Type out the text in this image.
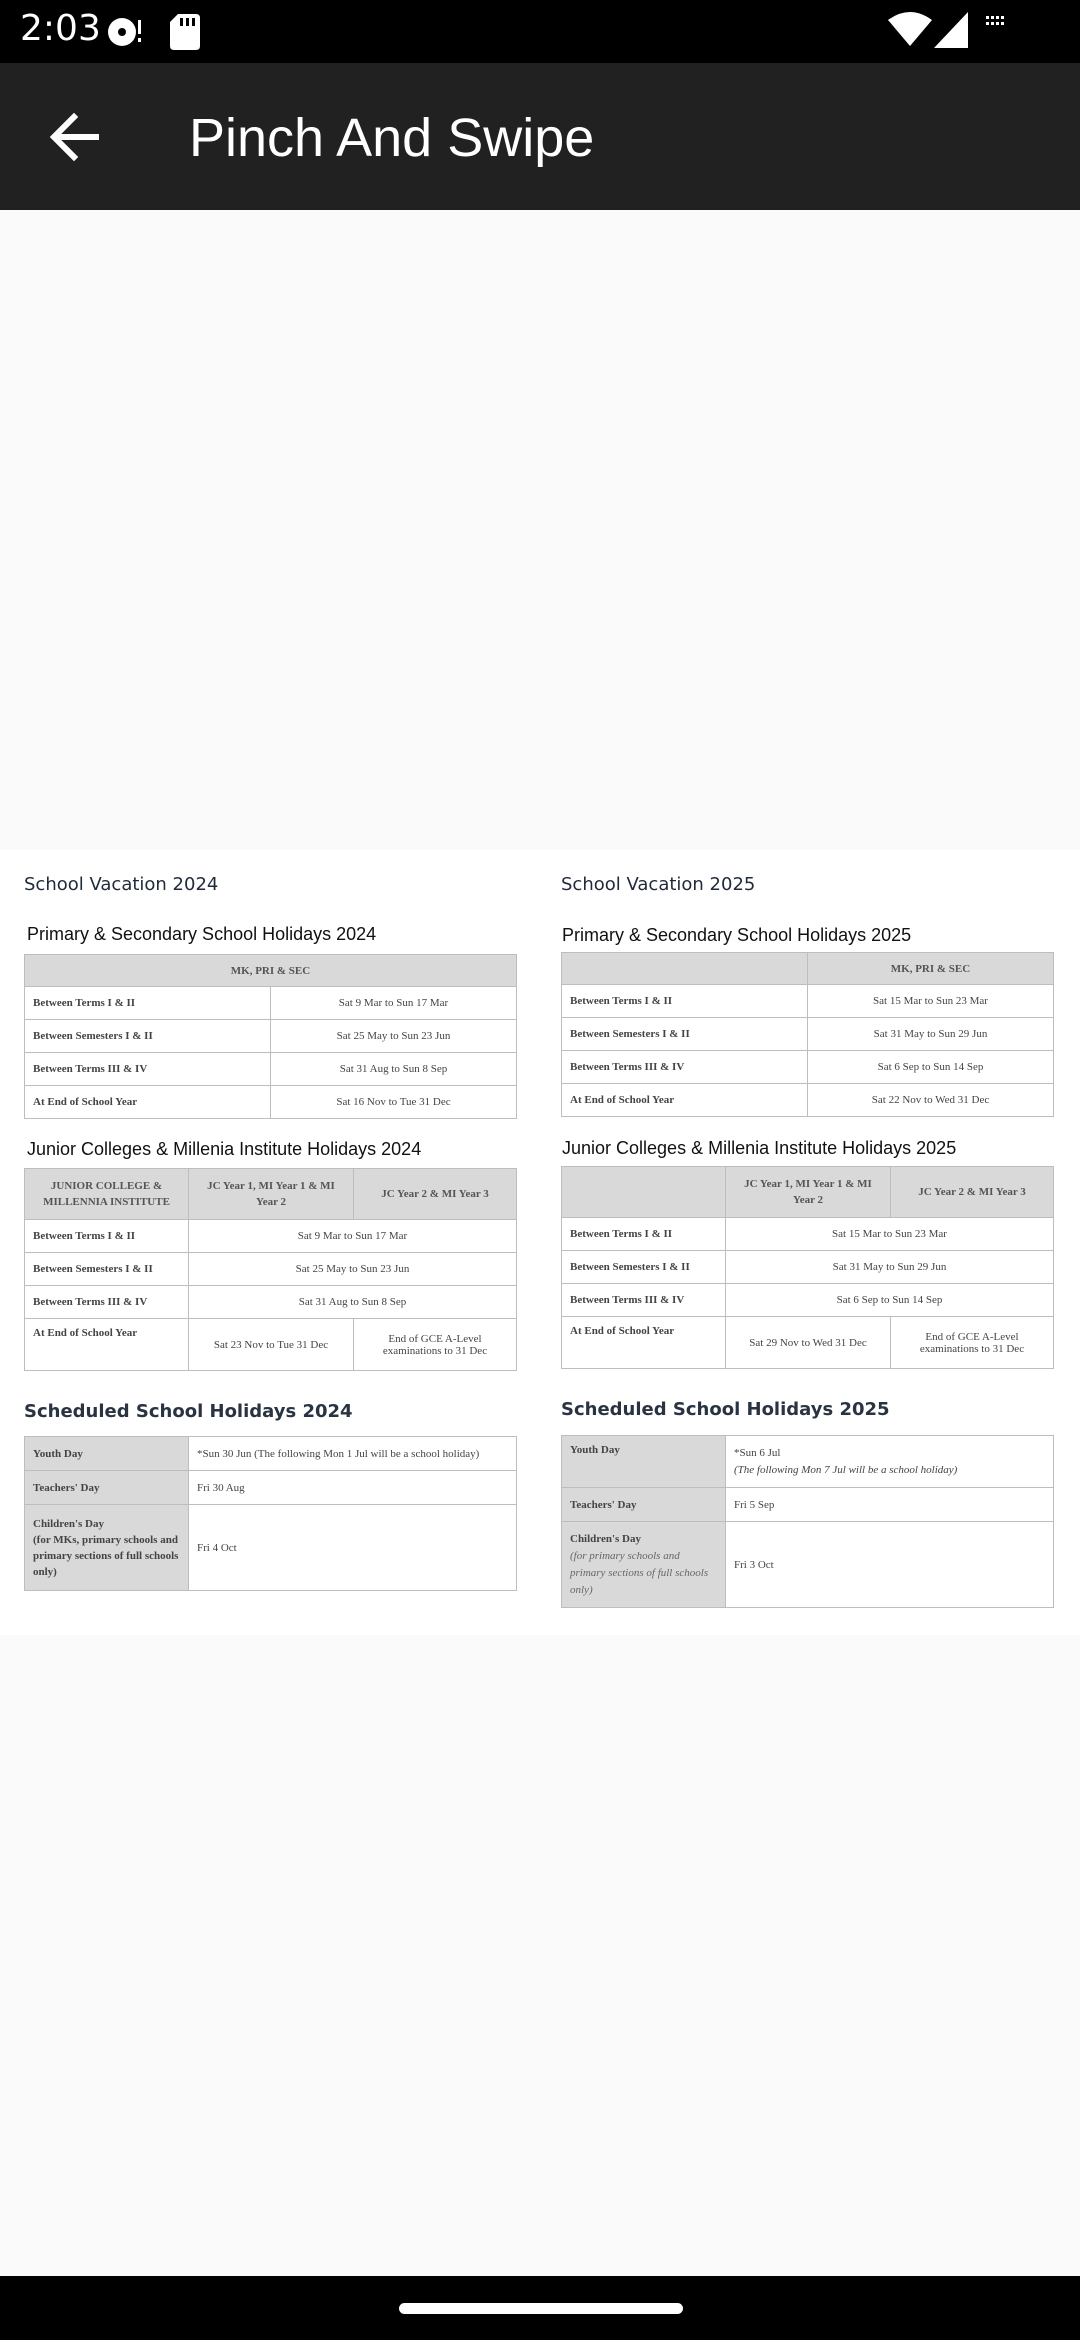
2:03
Pinch And Swipe
School Vacation 2024
Primary & Secondary School Holidays 2024
MK, PRI & SEC	
Between Terms I & II	Sat 9 Mar to Sun 17 Mar
Between Semesters I & II	Sat 25 May to Sun 23 Jun
Between Terms III & IV	Sat 31 Aug to Sun 8 Sep
At End of School Year	Sat 16 Nov to Tue 31 Dec
Junior Colleges & Millenia Institute Holidays 2024
JUNIOR COLLEGE & MILLENNIA INSTITUTE	JC Year 1, MI Year 1 & MI Year 2	JC Year 2 & MI Year 3
Between Terms I & II	Sat 9 Mar to Sun 17 Mar	
Between Semesters I & II	Sat 25 May to Sun 23 Jun	
Between Terms III & IV	Sat 31 Aug to Sun 8 Sep	
At End of School Year	Sat 23 Nov to Tue 31 Dec	End of GCE A-Level examinations to 31 Dec
Scheduled School Holidays 2024
Youth Day	*Sun 30 Jun (The following Mon 1 Jul will be a school holiday)
Teachers' Day	Fri 30 Aug
Children's Day
(for MKs, primary schools and primary sections of full schools only)	Fri 4 Oct
School Vacation 2025
Primary & Secondary School Holidays 2025
	MK, PRI & SEC
Between Terms I & II	Sat 15 Mar to Sun 23 Mar
Between Semesters I & II	Sat 31 May to Sun 29 Jun
Between Terms III & IV	Sat 6 Sep to Sun 14 Sep
At End of School Year	Sat 22 Nov to Wed 31 Dec
Junior Colleges & Millenia Institute Holidays 2025
	JC Year 1, MI Year 1 & MI Year 2	JC Year 2 & MI Year 3
Between Terms I & II	Sat 15 Mar to Sun 23 Mar	
Between Semesters I & II	Sat 31 May to Sun 29 Jun	
Between Terms III & IV	Sat 6 Sep to Sun 14 Sep	
At End of School Year	Sat 29 Nov to Wed 31 Dec	End of GCE A-Level examinations to 31 Dec
Scheduled School Holidays 2025
Youth Day	*Sun 6 Jul
(The following Mon 7 Jul will be a school holiday)
Teachers' Day	Fri 5 Sep
Children's Day
(for primary schools and primary sections of full schools only)	Fri 3 Oct
